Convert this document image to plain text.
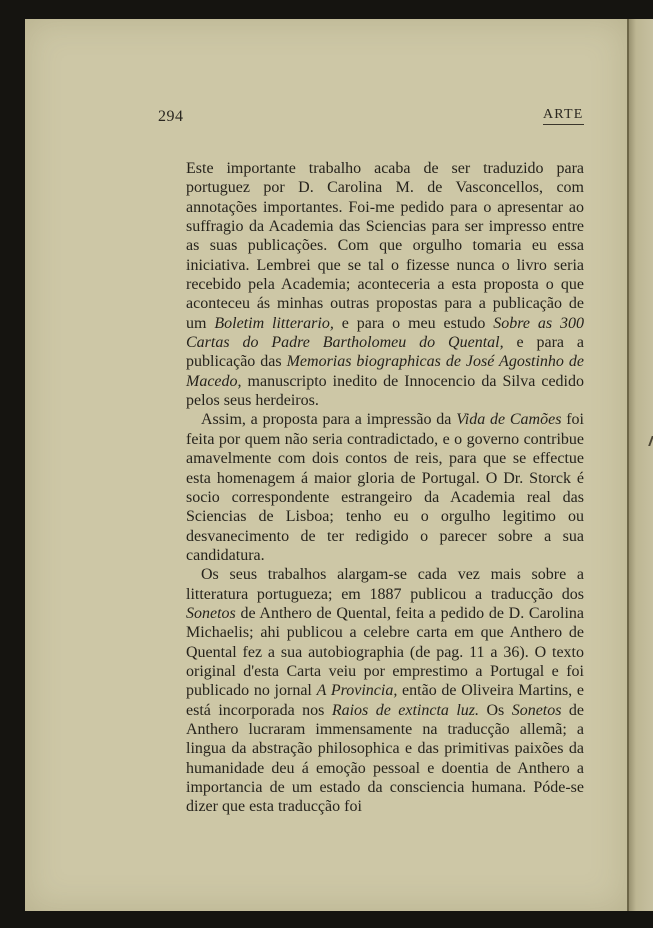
294	ARTE

Este importante trabalho acaba de ser traduzido para portuguez por D. Carolina M. de Vasconcellos, com annotações importantes. Foi-me pedido para o apresentar ao suffragio da Academia das Sciencias para ser impresso entre as suas publicações. Com que orgulho tomaria eu essa iniciativa. Lembrei que se tal o fizesse nunca o livro seria recebido pela Academia; aconteceria a esta proposta o que aconteceu ás minhas outras propostas para a publicação de um Boletim litterario, e para o meu estudo Sobre as 300 Cartas do Padre Bartholomeu do Quental, e para a publicação das Memorias biographicas de José Agostinho de Macedo, manuscripto inedito de Innocencio da Silva cedido pelos seus herdeiros.

Assim, a proposta para a impressão da Vida de Camões foi feita por quem não seria contradictado, e o governo contribue amavelmente com dois contos de reis, para que se effectue esta homenagem á maior gloria de Portugal. O Dr. Storck é socio correspondente estrangeiro da Academia real das Sciencias de Lisboa; tenho eu o orgulho legitimo ou desvanecimento de ter redigido o parecer sobre a sua candidatura.

Os seus trabalhos alargam-se cada vez mais sobre a litteratura portugueza; em 1887 publicou a traducção dos Sonetos de Anthero de Quental, feita a pedido de D. Carolina Michaelis; ahi publicou a celebre carta em que Anthero de Quental fez a sua autobiographia (de pag. 11 a 36). O texto original d'esta Carta veiu por emprestimo a Portugal e foi publicado no jornal A Provincia, então de Oliveira Martins, e está incorporada nos Raios de extincta luz. Os Sonetos de Anthero lucraram immensamente na traducção allemã; a lingua da abstração philosophica e das primitivas paixões da humanidade deu á emoção pessoal e doentia de Anthero a importancia de um estado da consciencia humana. Póde-se dizer que esta traducção foi
